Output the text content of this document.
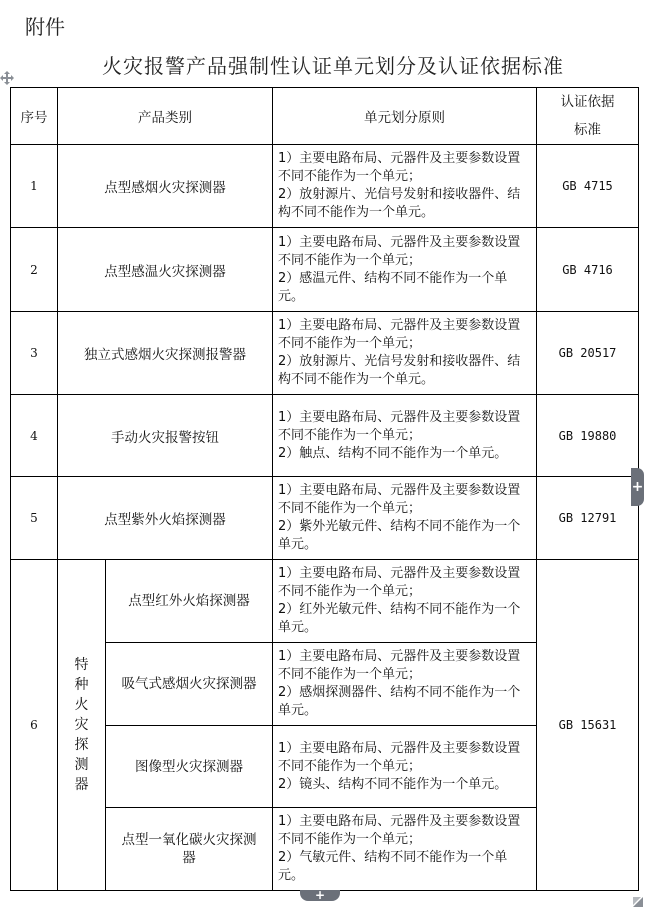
附件
火灾报警产品强制性认证单元划分及认证依据标准
序号	产品类别		单元划分原则	认证依据
标准

1	点型感烟火灾探测器		1）主要电路布局、元器件及主要参数设置不同不能作为一个单元；
2）放射源片、光信号发射和接收器件、结构不同不能作为一个单元。	GB 4715
2	点型感温火灾探测器		1）主要电路布局、元器件及主要参数设置不同不能作为一个单元；
2）感温元件、结构不同不能作为一个单元。	GB 4716
3	独立式感烟火灾探测报警器		1）主要电路布局、元器件及主要参数设置不同不能作为一个单元；
2）放射源片、光信号发射和接收器件、结构不同不能作为一个单元。	GB 20517
4	手动火灾报警按钮		1）主要电路布局、元器件及主要参数设置不同不能作为一个单元；
2）触点、结构不同不能作为一个单元。	GB 19880
5	点型紫外火焰探测器		1）主要电路布局、元器件及主要参数设置不同不能作为一个单元；
2）紫外光敏元件、结构不同不能作为一个单元。	GB 12791
6	特种火灾探测器	点型红外火焰探测器	1）主要电路布局、元器件及主要参数设置不同不能作为一个单元；
2）红外光敏元件、结构不同不能作为一个单元。	GB 15631
		吸气式感烟火灾探测器	1）主要电路布局、元器件及主要参数设置不同不能作为一个单元；
2）感烟探测器件、结构不同不能作为一个单元。	

		图像型火灾探测器	1）主要电路布局、元器件及主要参数设置不同不能作为一个单元；
2）镜头、结构不同不能作为一个单元。	

		点型一氧化碳火灾探测器	1）主要电路布局、元器件及主要参数设置不同不能作为一个单元；
2）气敏元件、结构不同不能作为一个单元。	
+
+
